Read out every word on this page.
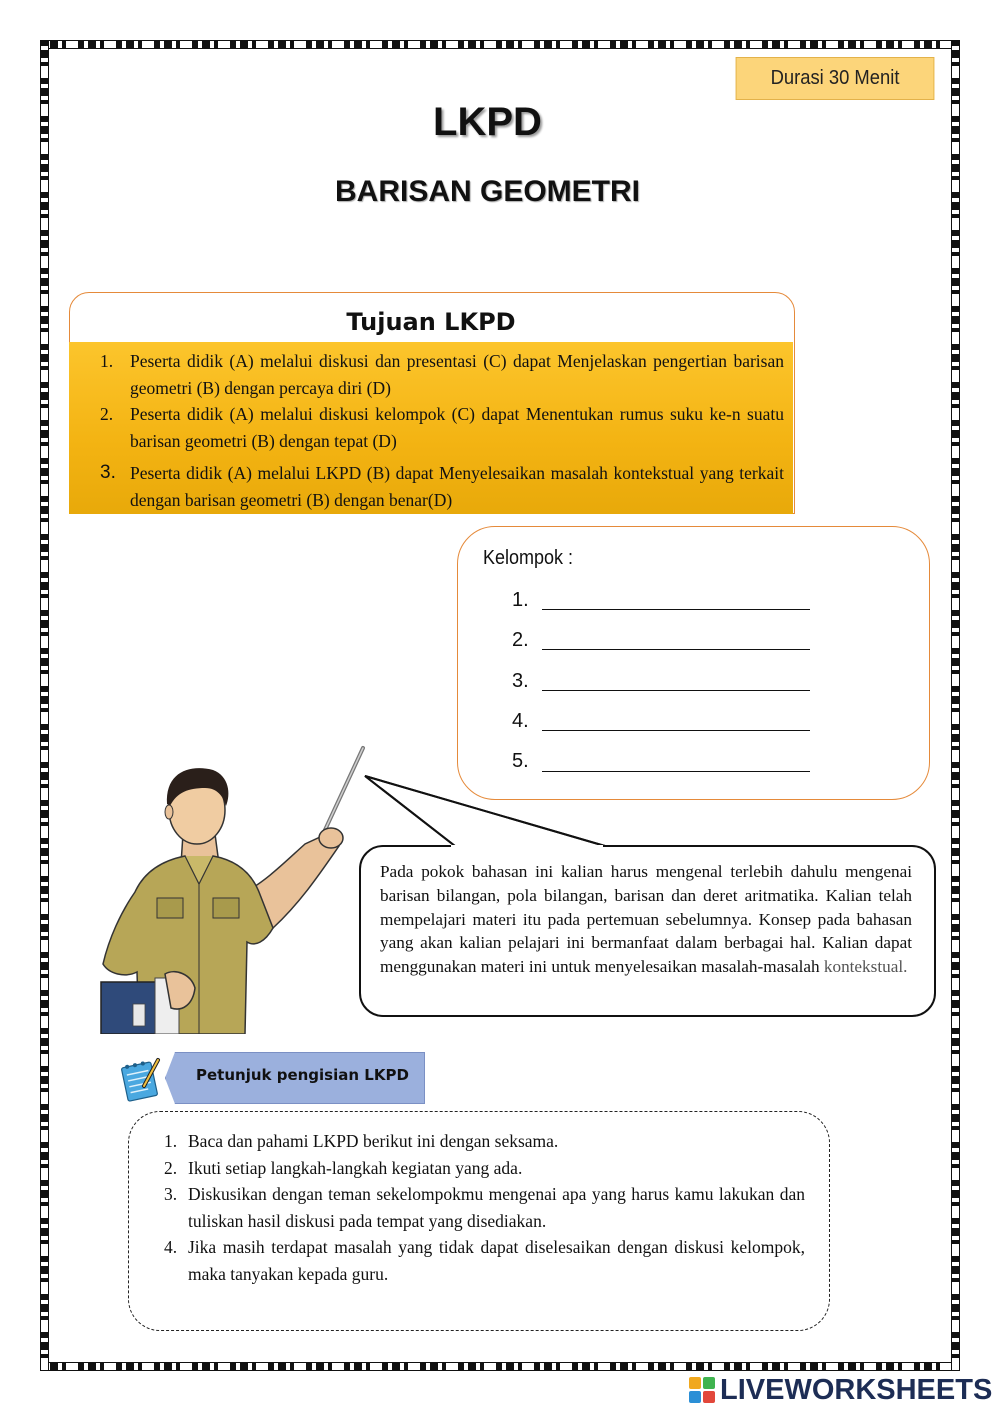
Durasi 30 Menit
LKPD
BARISAN GEOMETRI
Tujuan LKPD
1. Peserta didik (A) melalui diskusi dan presentasi (C) dapat Menjelaskan pengertian barisan geometri (B) dengan percaya diri (D)
2. Peserta didik (A) melalui diskusi kelompok (C) dapat Menentukan rumus suku ke-n suatu barisan geometri (B) dengan tepat (D)
3. Peserta didik (A) melalui LKPD (B) dapat Menyelesaikan masalah kontekstual yang terkait dengan barisan geometri (B) dengan benar(D)
Kelompok :
1.
2.
3.
4.
5.
Pada pokok bahasan ini kalian harus mengenal terlebih dahulu mengenai barisan bilangan, pola bilangan, barisan dan deret aritmatika. Kalian telah mempelajari materi itu pada pertemuan sebelumnya. Konsep pada bahasan yang akan kalian pelajari ini bermanfaat dalam berbagai hal. Kalian dapat menggunakan materi ini untuk menyelesaikan masalah-masalah kontekstual.
Petunjuk pengisian LKPD
1. Baca dan pahami LKPD berikut ini dengan seksama.
2. Ikuti setiap langkah-langkah kegiatan yang ada.
3. Diskusikan dengan teman sekelompokmu mengenai apa yang harus kamu lakukan dan tuliskan hasil diskusi pada tempat yang disediakan.
4. Jika masih terdapat masalah yang tidak dapat diselesaikan dengan diskusi kelompok, maka tanyakan kepada guru.
LIVEWORKSHEETS
